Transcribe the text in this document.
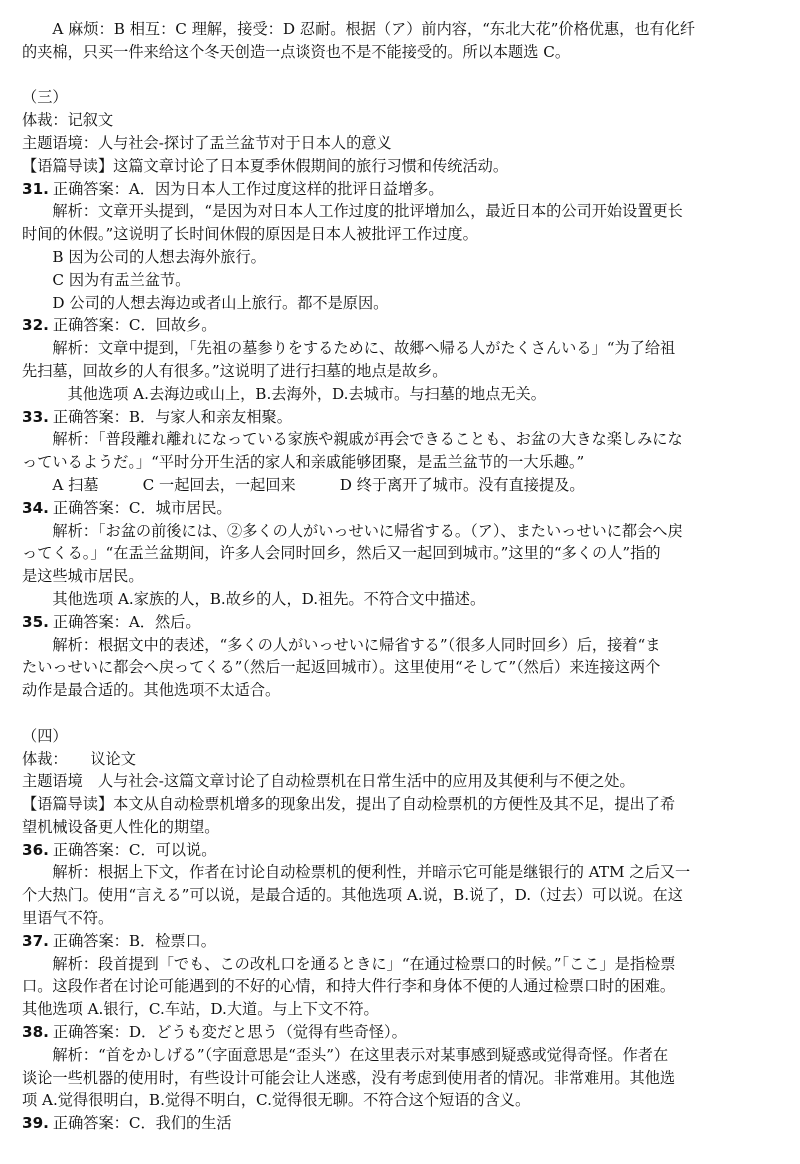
A 麻烦：B 相互：C 理解，接受：D 忍耐。根据（ア）前内容，“东北大花”价格优惠，也有化纤

的夹棉，只买一件来给这个冬天创造一点谈资也不是不能接受的。所以本题选 C。

（三）

体裁：记叙文

主题语境：人与社会-探讨了盂兰盆节对于日本人的意义

【语篇导读】这篇文章讨论了日本夏季休假期间的旅行习惯和传统活动。

31. 正确答案：A．因为日本人工作过度这样的批评日益增多。

解析：文章开头提到，“是因为对日本人工作过度的批评增加么，最近日本的公司开始设置更长

时间的休假。”这说明了长时间休假的原因是日本人被批评工作过度。

B 因为公司的人想去海外旅行。

C 因为有盂兰盆节。

D 公司的人想去海边或者山上旅行。都不是原因。

32. 正确答案：C．回故乡。

解析：文章中提到，「先祖の墓参りをするために、故郷へ帰る人がたくさんいる」“为了给祖

先扫墓，回故乡的人有很多。”这说明了进行扫墓的地点是故乡。

其他选项 A.去海边或山上，B.去海外，D.去城市。与扫墓的地点无关。

33. 正确答案：B．与家人和亲友相聚。

解析：「普段離れ離れになっている家族や親戚が再会できることも、お盆の大きな楽しみにな

っているようだ。」“平时分开生活的家人和亲戚能够团聚，是盂兰盆节的一大乐趣。”

A 扫墓	C 一起回去，一起回来	D 终于离开了城市。没有直接提及。

34. 正确答案：C．城市居民。

解析：「お盆の前後には、②多くの人がいっせいに帰省する。（ア）、またいっせいに都会へ戻

ってくる。」“在盂兰盆期间，许多人会同时回乡，然后又一起回到城市。”这里的“多くの人”指的

是这些城市居民。

其他选项 A.家族的人，B.故乡的人，D.祖先。不符合文中描述。

35. 正确答案：A．然后。

解析：根据文中的表述，“多くの人がいっせいに帰省する”（很多人同时回乡）后，接着“ま

たいっせいに都会へ戻ってくる”（然后一起返回城市）。这里使用“そして”（然后）来连接这两个

动作是最合适的。其他选项不太适合。

（四）

体裁：　　议论文

主题语境　人与社会-这篇文章讨论了自动检票机在日常生活中的应用及其便利与不便之处。

【语篇导读】本文从自动检票机增多的现象出发，提出了自动检票机的方便性及其不足，提出了希

望机械设备更人性化的期望。

36. 正确答案：C．可以说。

解析：根据上下文，作者在讨论自动检票机的便利性，并暗示它可能是继银行的 ATM 之后又一

个大热门。使用“言える”可以说，是最合适的。其他选项 A.说，B.说了，D.（过去）可以说。在这

里语气不符。

37. 正确答案：B．检票口。

解析：段首提到「でも、この改札口を通るときに」“在通过检票口的时候。”「ここ」是指检票

口。这段作者在讨论可能遇到的不好的心情，和持大件行李和身体不便的人通过检票口时的困难。

其他选项 A.银行，C.车站，D.大道。与上下文不符。

38. 正确答案：D．どうも変だと思う（觉得有些奇怪）。

解析：“首をかしげる”（字面意思是“歪头”）在这里表示对某事感到疑惑或觉得奇怪。作者在

谈论一些机器的使用时，有些设计可能会让人迷惑，没有考虑到使用者的情况。非常难用。其他选

项 A.觉得很明白，B.觉得不明白，C.觉得很无聊。不符合这个短语的含义。

39. 正确答案：C．我们的生活
